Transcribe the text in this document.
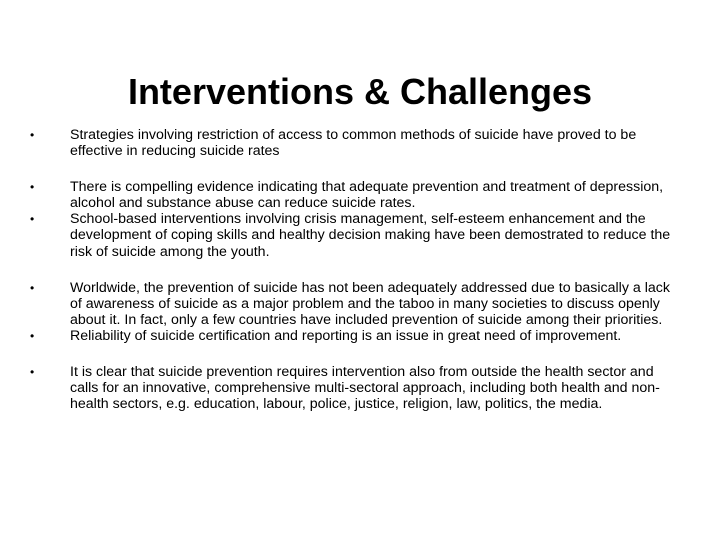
Interventions & Challenges
•	Strategies involving restriction of access to common methods of suicide have proved to be effective in reducing suicide rates
•	There is compelling evidence indicating that adequate prevention and treatment of depression, alcohol and substance abuse can reduce suicide rates.
•	School-based interventions involving crisis management, self-esteem enhancement and the development of coping skills and healthy decision making have been demostrated to reduce the risk of suicide among the youth.
•	Worldwide, the prevention of suicide has not been adequately addressed due to basically a lack of awareness of suicide as a major problem and the taboo in many societies to discuss openly about it. In fact, only a few countries have included prevention of suicide among their priorities.
•	Reliability of suicide certification and reporting is an issue in great need of improvement.
•	It is clear that suicide prevention requires intervention also from outside the health sector and calls for an innovative, comprehensive multi-sectoral approach, including both health and non-health sectors, e.g. education, labour, police, justice, religion, law, politics, the media.
